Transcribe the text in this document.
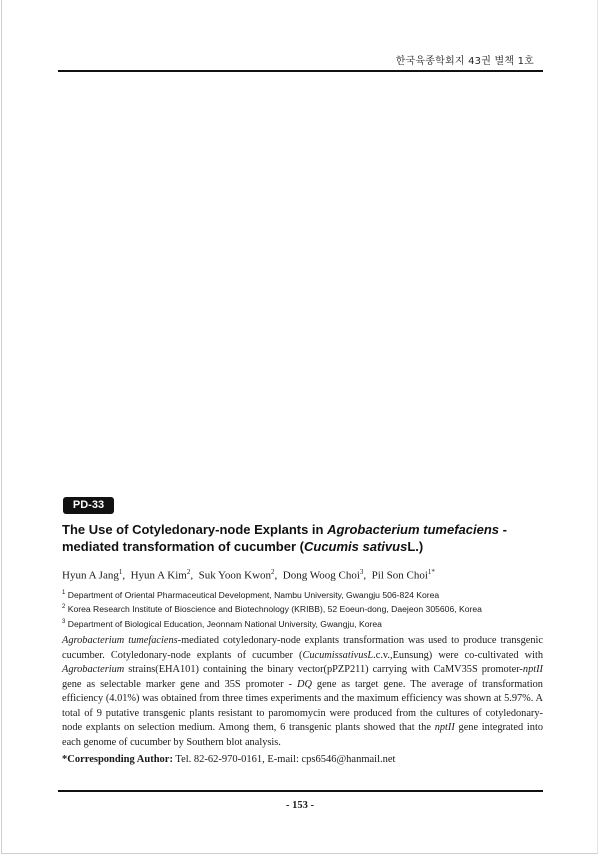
한국육종학회지 43권 별책 1호
PD-33
The Use of Cotyledonary-node Explants in Agrobacterium tumefaciens - mediated transformation of cucumber (Cucumis sativusL.)
Hyun A Jang$^1$,  Hyun A Kim$^2$,  Suk Yoon Kwon$^2$,  Dong Woog Choi$^3$,  Pil Son Choi$^{1*}$
$^1$ Department of Oriental Pharmaceutical Development, Nambu University, Gwangju 506-824 Korea
$^2$ Korea Research Institute of Bioscience and Biotechnology (KRIBB), 52 Eoeun-dong, Daejeon 305606, Korea
$^3$ Department of Biological Education, Jeonnam National University, Gwangju, Korea
Agrobacterium tumefaciens-mediated cotyledonary-node explants transformation was used to produce transgenic cucumber. Cotyledonary-node explants of cucumber (CucumissativusL.c.v.,Eunsung) were co-cultivated with Agrobacterium strains(EHA101) containing the binary vector(pPZP211) carrying with CaMV35S promoter-nptII gene as selectable marker gene and 35S promoter - DQ gene as target gene. The average of transformation efficiency (4.01%) was obtained from three times experiments and the maximum efficiency was shown at 5.97%. A total of 9 putative transgenic plants resistant to paromomycin were produced from the cultures of cotyledonary-node explants on selection medium. Among them, 6 transgenic plants showed that the nptII gene integrated into each genome of cucumber by Southern blot analysis.
*Corresponding Author: Tel. 82-62-970-0161, E-mail: cps6546@hanmail.net
- 153 -
